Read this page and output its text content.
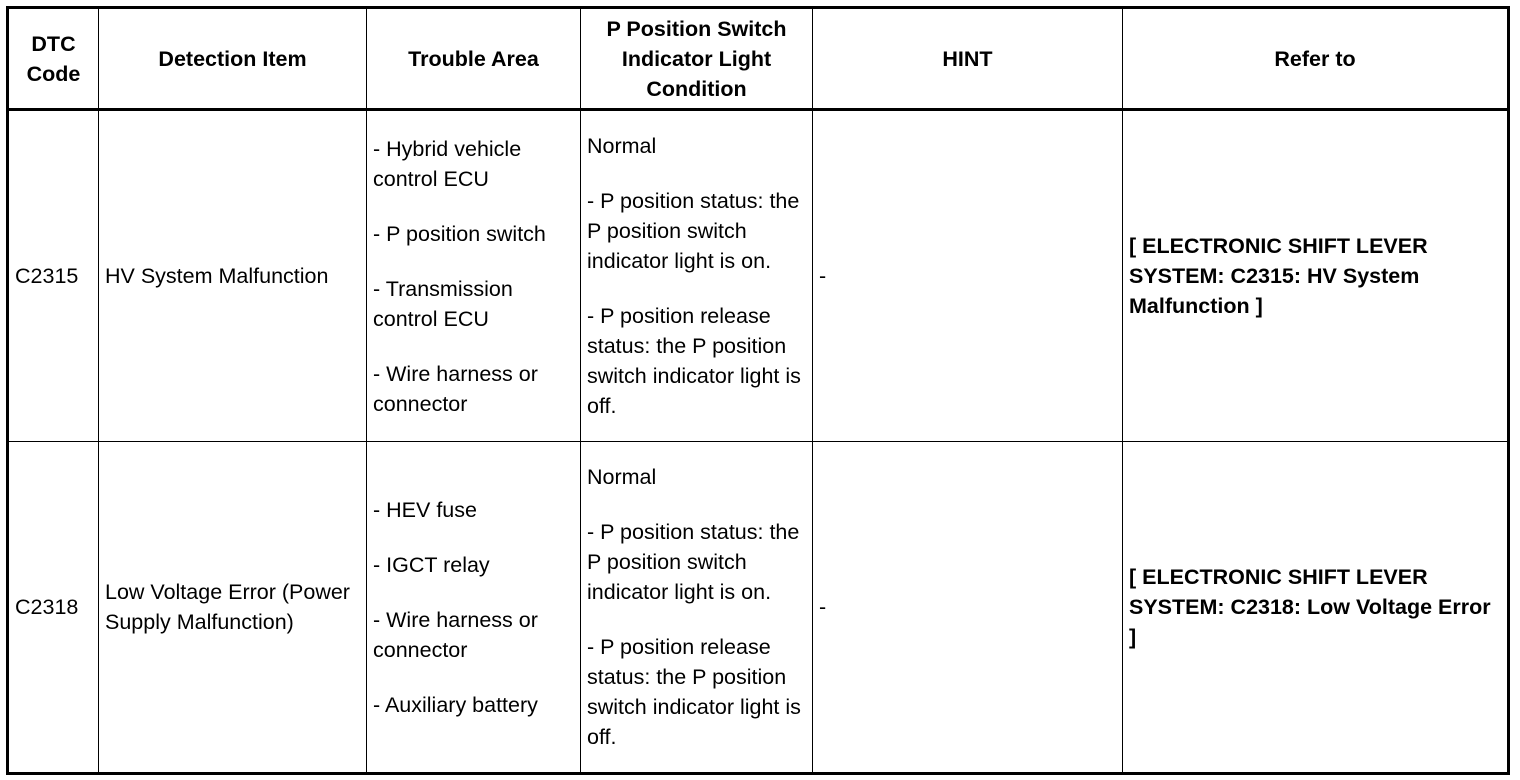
DTC Code	Detection Item	Trouble Area	P Position Switch Indicator Light Condition	HINT	Refer to
C2315	HV System Malfunction	- Hybrid vehicle control ECU
- P position switch
- Transmission control ECU
- Wire harness or connector	Normal
- P position status: the P position switch indicator light is on.
- P position release status: the P position switch indicator light is off.	-	[ ELECTRONIC SHIFT LEVER SYSTEM: C2315: HV System Malfunction ]
C2318	Low Voltage Error (Power Supply Malfunction)	- HEV fuse
- IGCT relay
- Wire harness or connector
- Auxiliary battery	Normal
- P position status: the P position switch indicator light is on.
- P position release status: the P position switch indicator light is off.	-	[ ELECTRONIC SHIFT LEVER SYSTEM: C2318: Low Voltage Error ]
